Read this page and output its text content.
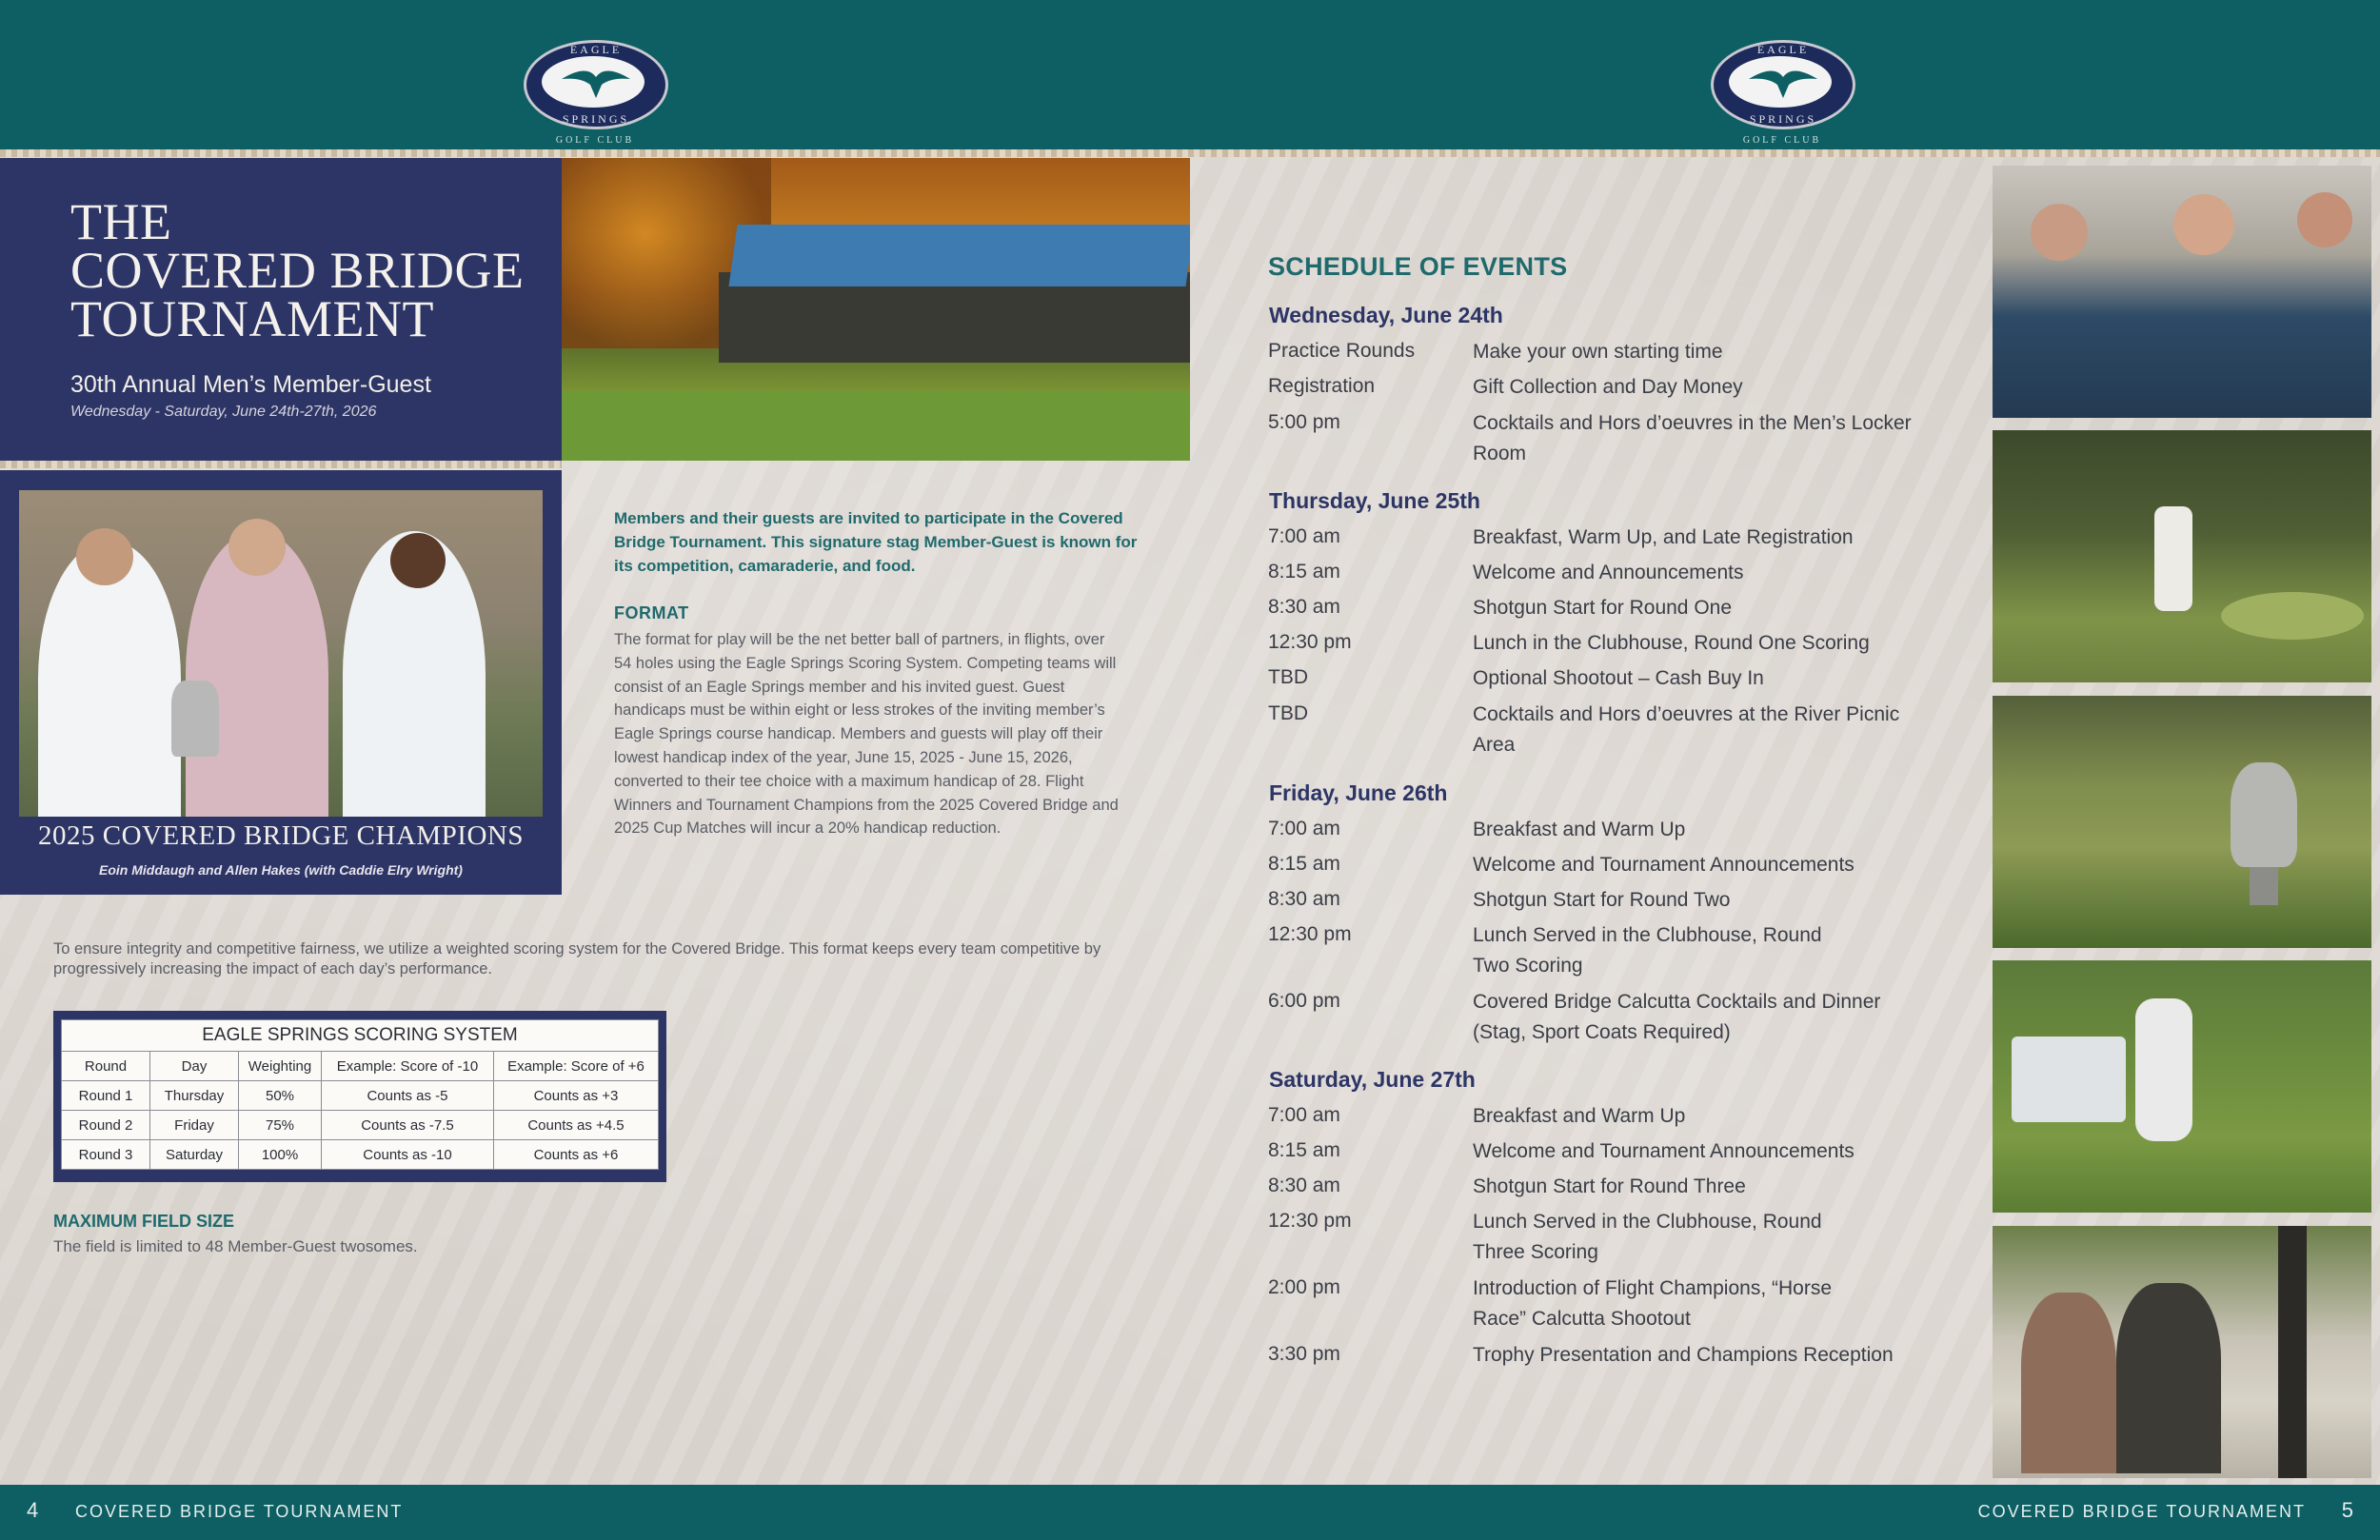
EAGLE
SPRINGS
GOLF CLUB
EAGLE
SPRINGS
GOLF CLUB
THE
COVERED BRIDGE
TOURNAMENT
30th Annual Men’s Member-Guest
Wednesday - Saturday, June 24th-27th, 2026
2025 COVERED BRIDGE CHAMPIONS
Eoin Middaugh and Allen Hakes (with Caddie Elry Wright)
Members and their guests are invited to participate in the Covered Bridge Tournament. This signature stag Member-Guest is known for its competition, camaraderie, and food.
FORMAT
The format for play will be the net better ball of partners, in flights, over 54 holes using the Eagle Springs Scoring System. Competing teams will consist of an Eagle Springs member and his invited guest. Guest handicaps must be within eight or less strokes of the inviting member’s Eagle Springs course handicap. Members and guests will play off their lowest handicap index of the year, June 15, 2025 - June 15, 2026, converted to their tee choice with a maximum handicap of 28. Flight Winners and Tournament Champions from the 2025 Covered Bridge and 2025 Cup Matches will incur a 20% handicap reduction.
To ensure integrity and competitive fairness, we utilize a weighted scoring system for the Covered Bridge. This format keeps every team competitive by progressively increasing the impact of each day’s performance.
EAGLE SPRINGS SCORING SYSTEM				
Round	Day	Weighting	Example: Score of -10	Example: Score of +6
Round 1	Thursday	50%	Counts as -5	Counts as +3
Round 2	Friday	75%	Counts as -7.5	Counts as +4.5
Round 3	Saturday	100%	Counts as -10	Counts as +6
MAXIMUM FIELD SIZE
The field is limited to 48 Member-Guest twosomes.
SCHEDULE OF EVENTS
Wednesday, June 24th
Practice Rounds	Make your own starting time
Registration	Gift Collection and Day Money
5:00 pm	Cocktails and Hors d’oeuvres in the Men’s Locker Room
Thursday, June 25th
7:00 am	Breakfast, Warm Up, and Late Registration
8:15 am	Welcome and Announcements
8:30 am	Shotgun Start for Round One
12:30 pm	Lunch in the Clubhouse, Round One Scoring
TBD	Optional Shootout – Cash Buy In
TBD	Cocktails and Hors d’oeuvres at the River Picnic Area
Friday, June 26th
7:00 am	Breakfast and Warm Up
8:15 am	Welcome and Tournament Announcements
8:30 am	Shotgun Start for Round Two
12:30 pm	Lunch Served in the Clubhouse, Round Two Scoring
6:00 pm	Covered Bridge Calcutta Cocktails and Dinner (Stag, Sport Coats Required)
Saturday, June 27th
7:00 am	Breakfast and Warm Up
8:15 am	Welcome and Tournament Announcements
8:30 am	Shotgun Start for Round Three
12:30 pm	Lunch Served in the Clubhouse, Round Three Scoring
2:00 pm	Introduction of Flight Champions, “Horse Race” Calcutta Shootout
3:30 pm	Trophy Presentation and Champions Reception
4 COVERED BRIDGE TOURNAMENT	COVERED BRIDGE TOURNAMENT 5
